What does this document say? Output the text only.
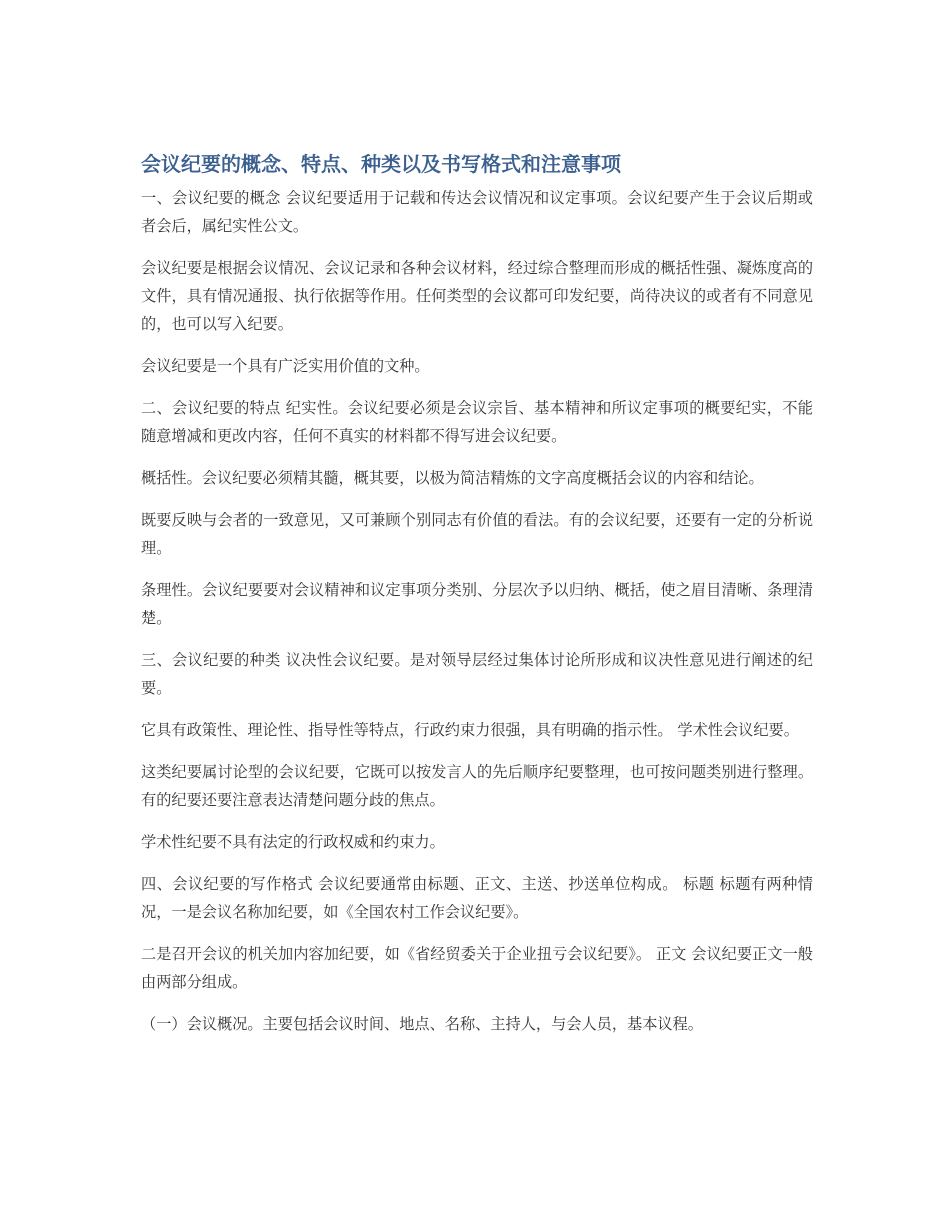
会议纪要的概念、特点、种类以及书写格式和注意事项

一、会议纪要的概念 会议纪要适用于记载和传达会议情况和议定事项。会议纪要产生于会议后期或者会后，属纪实性公文。

会议纪要是根据会议情况、会议记录和各种会议材料，经过综合整理而形成的概括性强、凝炼度高的文件，具有情况通报、执行依据等作用。任何类型的会议都可印发纪要，尚待决议的或者有不同意见的，也可以写入纪要。

会议纪要是一个具有广泛实用价值的文种。

二、会议纪要的特点 纪实性。会议纪要必须是会议宗旨、基本精神和所议定事项的概要纪实，不能随意增减和更改内容，任何不真实的材料都不得写进会议纪要。

概括性。会议纪要必须精其髓，概其要，以极为简洁精炼的文字高度概括会议的内容和结论。

既要反映与会者的一致意见，又可兼顾个别同志有价值的看法。有的会议纪要，还要有一定的分析说理。

条理性。会议纪要要对会议精神和议定事项分类别、分层次予以归纳、概括，使之眉目清晰、条理清楚。

三、会议纪要的种类 议决性会议纪要。是对领导层经过集体讨论所形成和议决性意见进行阐述的纪要。

它具有政策性、理论性、指导性等特点，行政约束力很强，具有明确的指示性。 学术性会议纪要。

这类纪要属讨论型的会议纪要，它既可以按发言人的先后顺序纪要整理，也可按问题类别进行整理。有的纪要还要注意表达清楚问题分歧的焦点。

学术性纪要不具有法定的行政权威和约束力。

四、会议纪要的写作格式 会议纪要通常由标题、正文、主送、抄送单位构成。 标题 标题有两种情况，一是会议名称加纪要，如《全国农村工作会议纪要》。

二是召开会议的机关加内容加纪要，如《省经贸委关于企业扭亏会议纪要》。 正文 会议纪要正文一般由两部分组成。

（一）会议概况。主要包括会议时间、地点、名称、主持人，与会人员，基本议程。
